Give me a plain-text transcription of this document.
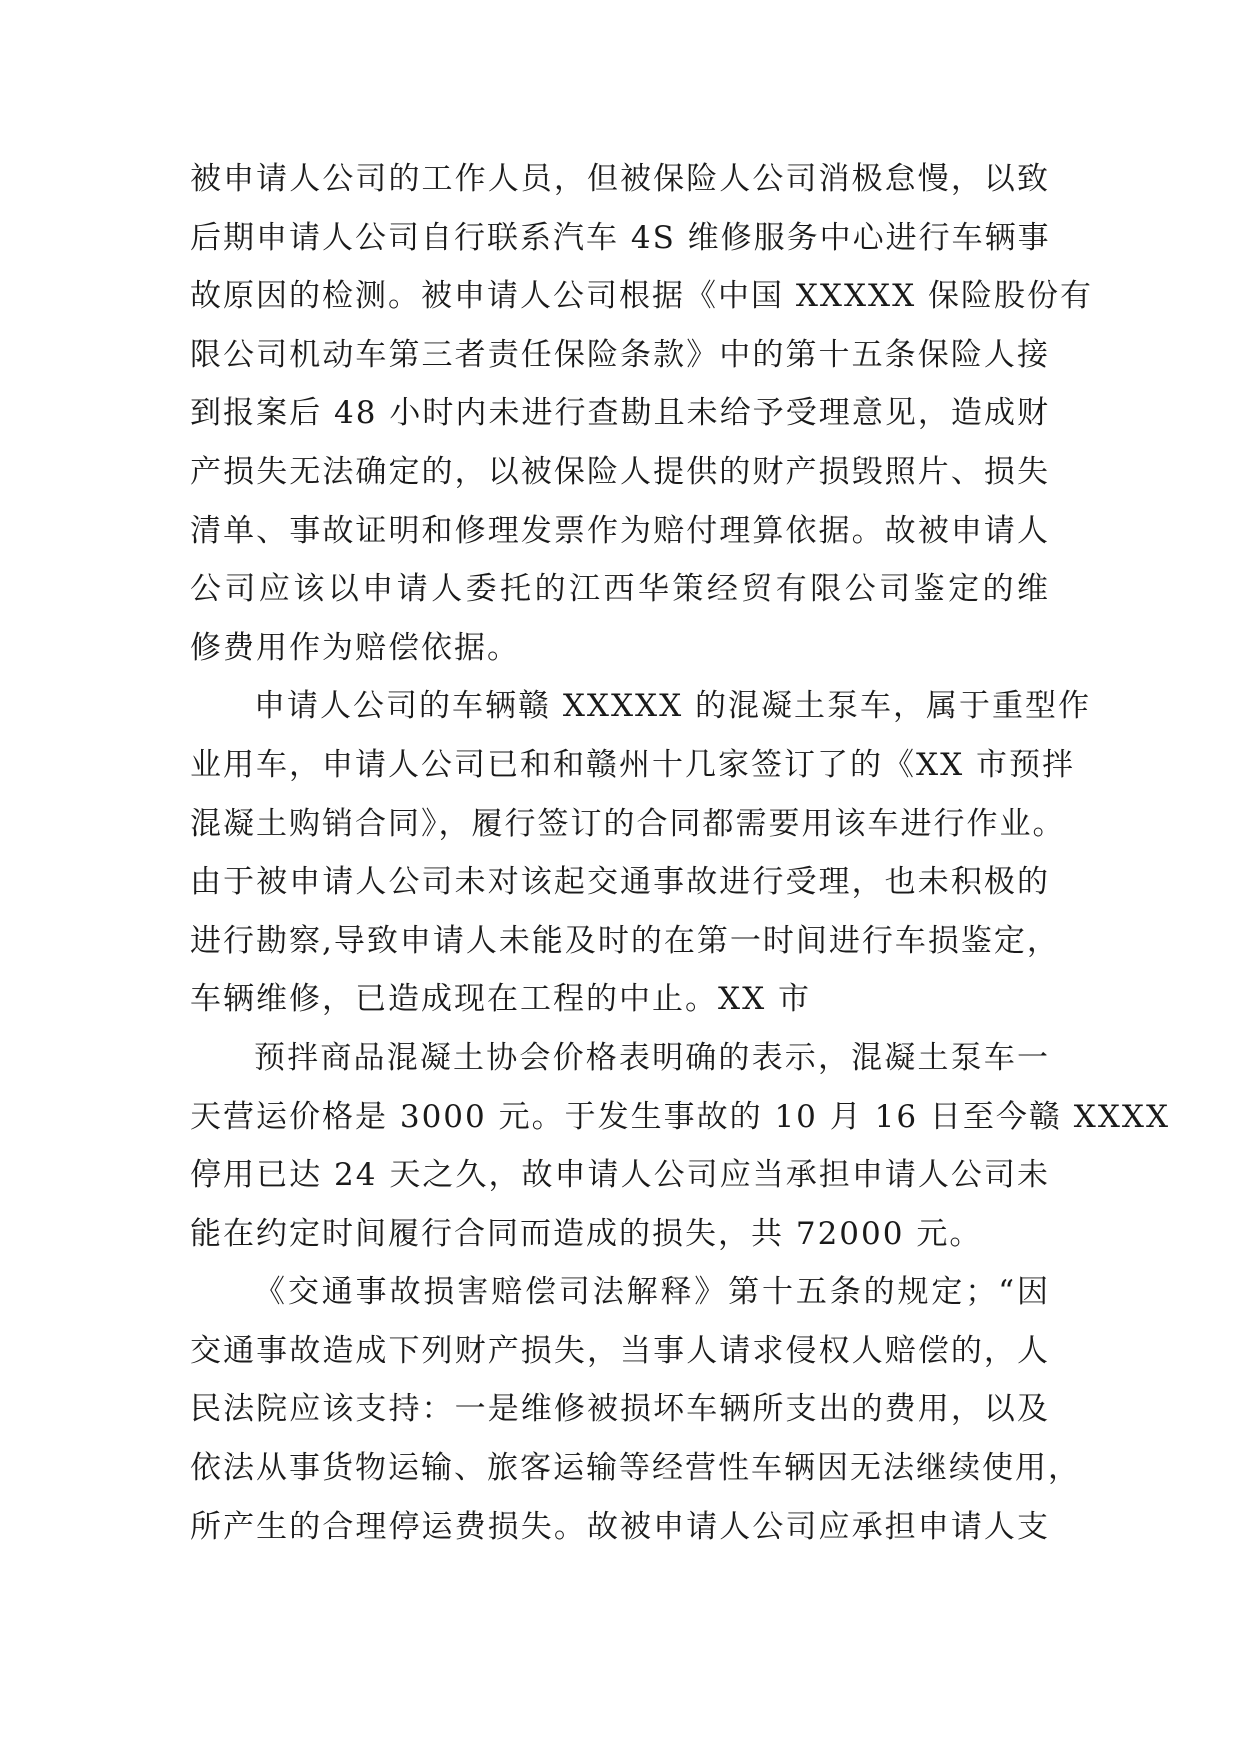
被申请人公司的工作人员，但被保险人公司消极怠慢，以致
后期申请人公司自行联系汽车 4S 维修服务中心进行车辆事
故原因的检测。被申请人公司根据《中国 XXXXX 保险股份有
限公司机动车第三者责任保险条款》中的第十五条保险人接
到报案后 48 小时内未进行查勘且未给予受理意见，造成财
产损失无法确定的，以被保险人提供的财产损毁照片、损失
清单、事故证明和修理发票作为赔付理算依据。故被申请人
公司应该以申请人委托的江西华策经贸有限公司鉴定的维
修费用作为赔偿依据。
申请人公司的车辆赣 XXXXX 的混凝土泵车，属于重型作
业用车，申请人公司已和和赣州十几家签订了的《XX 市预拌
混凝土购销合同》，履行签订的合同都需要用该车进行作业。
由于被申请人公司未对该起交通事故进行受理，也未积极的
进行勘察,导致申请人未能及时的在第一时间进行车损鉴定，
车辆维修，已造成现在工程的中止。XX 市
预拌商品混凝土协会价格表明确的表示，混凝土泵车一
天营运价格是 3000 元。于发生事故的 10 月 16 日至今赣 XXXX
停用已达 24 天之久，故申请人公司应当承担申请人公司未
能在约定时间履行合同而造成的损失，共 72000 元。
《交通事故损害赔偿司法解释》第十五条的规定；“因
交通事故造成下列财产损失，当事人请求侵权人赔偿的，人
民法院应该支持：一是维修被损坏车辆所支出的费用，以及
依法从事货物运输、旅客运输等经营性车辆因无法继续使用，
所产生的合理停运费损失。故被申请人公司应承担申请人支
